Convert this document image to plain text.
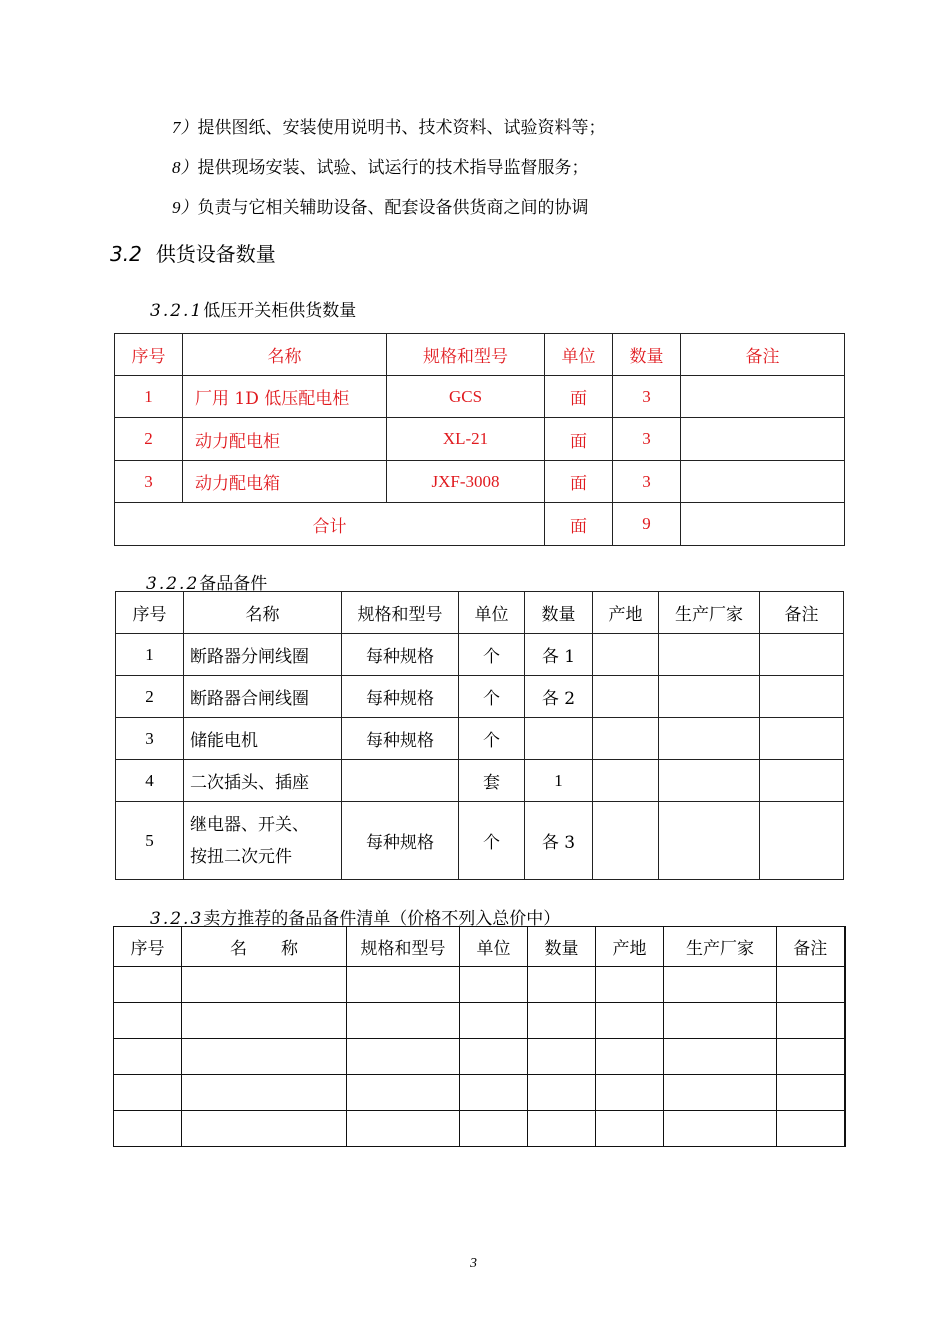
7）提供图纸、安装使用说明书、技术资料、试验资料等；
8）提供现场安装、试验、试运行的技术指导监督服务；
9）负责与它相关辅助设备、配套设备供货商之间的协调
3.2 供货设备数量
3.2.1低压开关柜供货数量
序号	名称	规格和型号	单位	数量	备注
1	厂用 1D 低压配电柜	GCS	面	3	
2	动力配电柜	XL-21	面	3	
3	动力配电箱	JXF-3008	面	3	
合计			面	9	
3.2.2备品备件
序号	名称	规格和型号	单位	数量	产地	生产厂家	备注
1	断路器分闸线圈	每种规格	个	各 1			
2	断路器合闸线圈	每种规格	个	各 2			
3	储能电机	每种规格	个				
4	二次插头、插座		套	1			
5	继电器、开关、
按扭二次元件	每种规格	个	各 3			
3.2.3卖方推荐的备品备件清单（价格不列入总价中）
序号	名　　称	规格和型号	单位	数量	产地	生产厂家	备注

3
